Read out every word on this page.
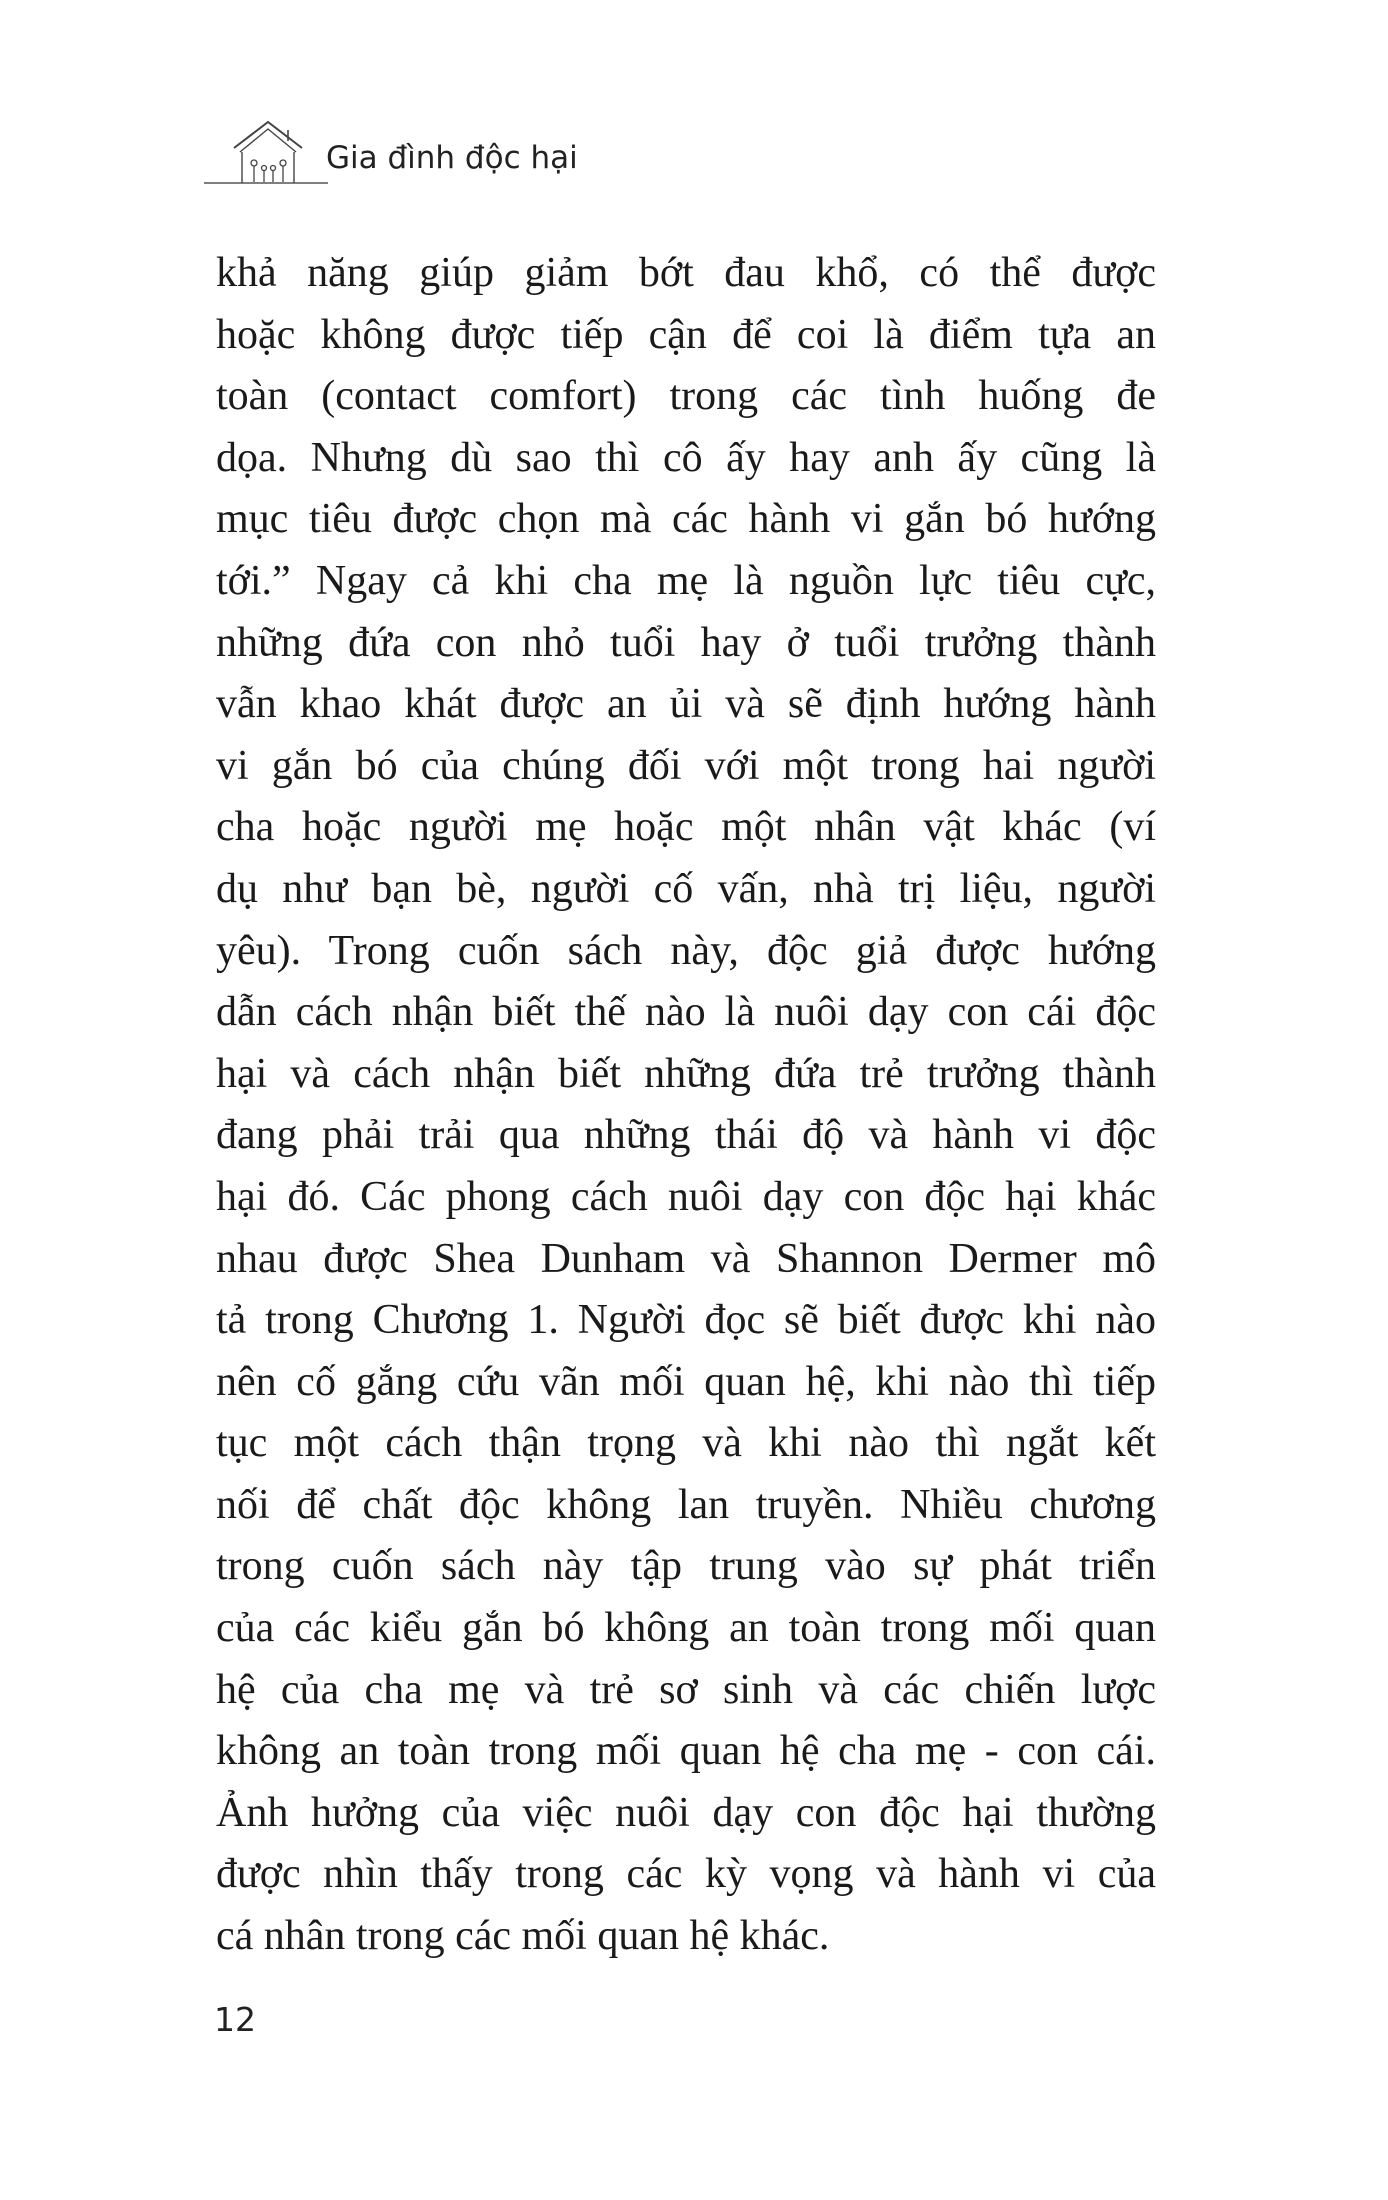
Gia đình độc hại
khả năng giúp giảm bớt đau khổ, có thể được
hoặc không được tiếp cận để coi là điểm tựa an
toàn (contact comfort) trong các tình huống đe
dọa. Nhưng dù sao thì cô ấy hay anh ấy cũng là
mục tiêu được chọn mà các hành vi gắn bó hướng
tới.” Ngay cả khi cha mẹ là nguồn lực tiêu cực,
những đứa con nhỏ tuổi hay ở tuổi trưởng thành
vẫn khao khát được an ủi và sẽ định hướng hành
vi gắn bó của chúng đối với một trong hai người
cha hoặc người mẹ hoặc một nhân vật khác (ví
dụ như bạn bè, người cố vấn, nhà trị liệu, người
yêu). Trong cuốn sách này, độc giả được hướng
dẫn cách nhận biết thế nào là nuôi dạy con cái độc
hại và cách nhận biết những đứa trẻ trưởng thành
đang phải trải qua những thái độ và hành vi độc
hại đó. Các phong cách nuôi dạy con độc hại khác
nhau được Shea Dunham và Shannon Dermer mô
tả trong Chương 1. Người đọc sẽ biết được khi nào
nên cố gắng cứu vãn mối quan hệ, khi nào thì tiếp
tục một cách thận trọng và khi nào thì ngắt kết
nối để chất độc không lan truyền. Nhiều chương
trong cuốn sách này tập trung vào sự phát triển
của các kiểu gắn bó không an toàn trong mối quan
hệ của cha mẹ và trẻ sơ sinh và các chiến lược
không an toàn trong mối quan hệ cha mẹ - con cái.
Ảnh hưởng của việc nuôi dạy con độc hại thường
được nhìn thấy trong các kỳ vọng và hành vi của
cá nhân trong các mối quan hệ khác.
12
